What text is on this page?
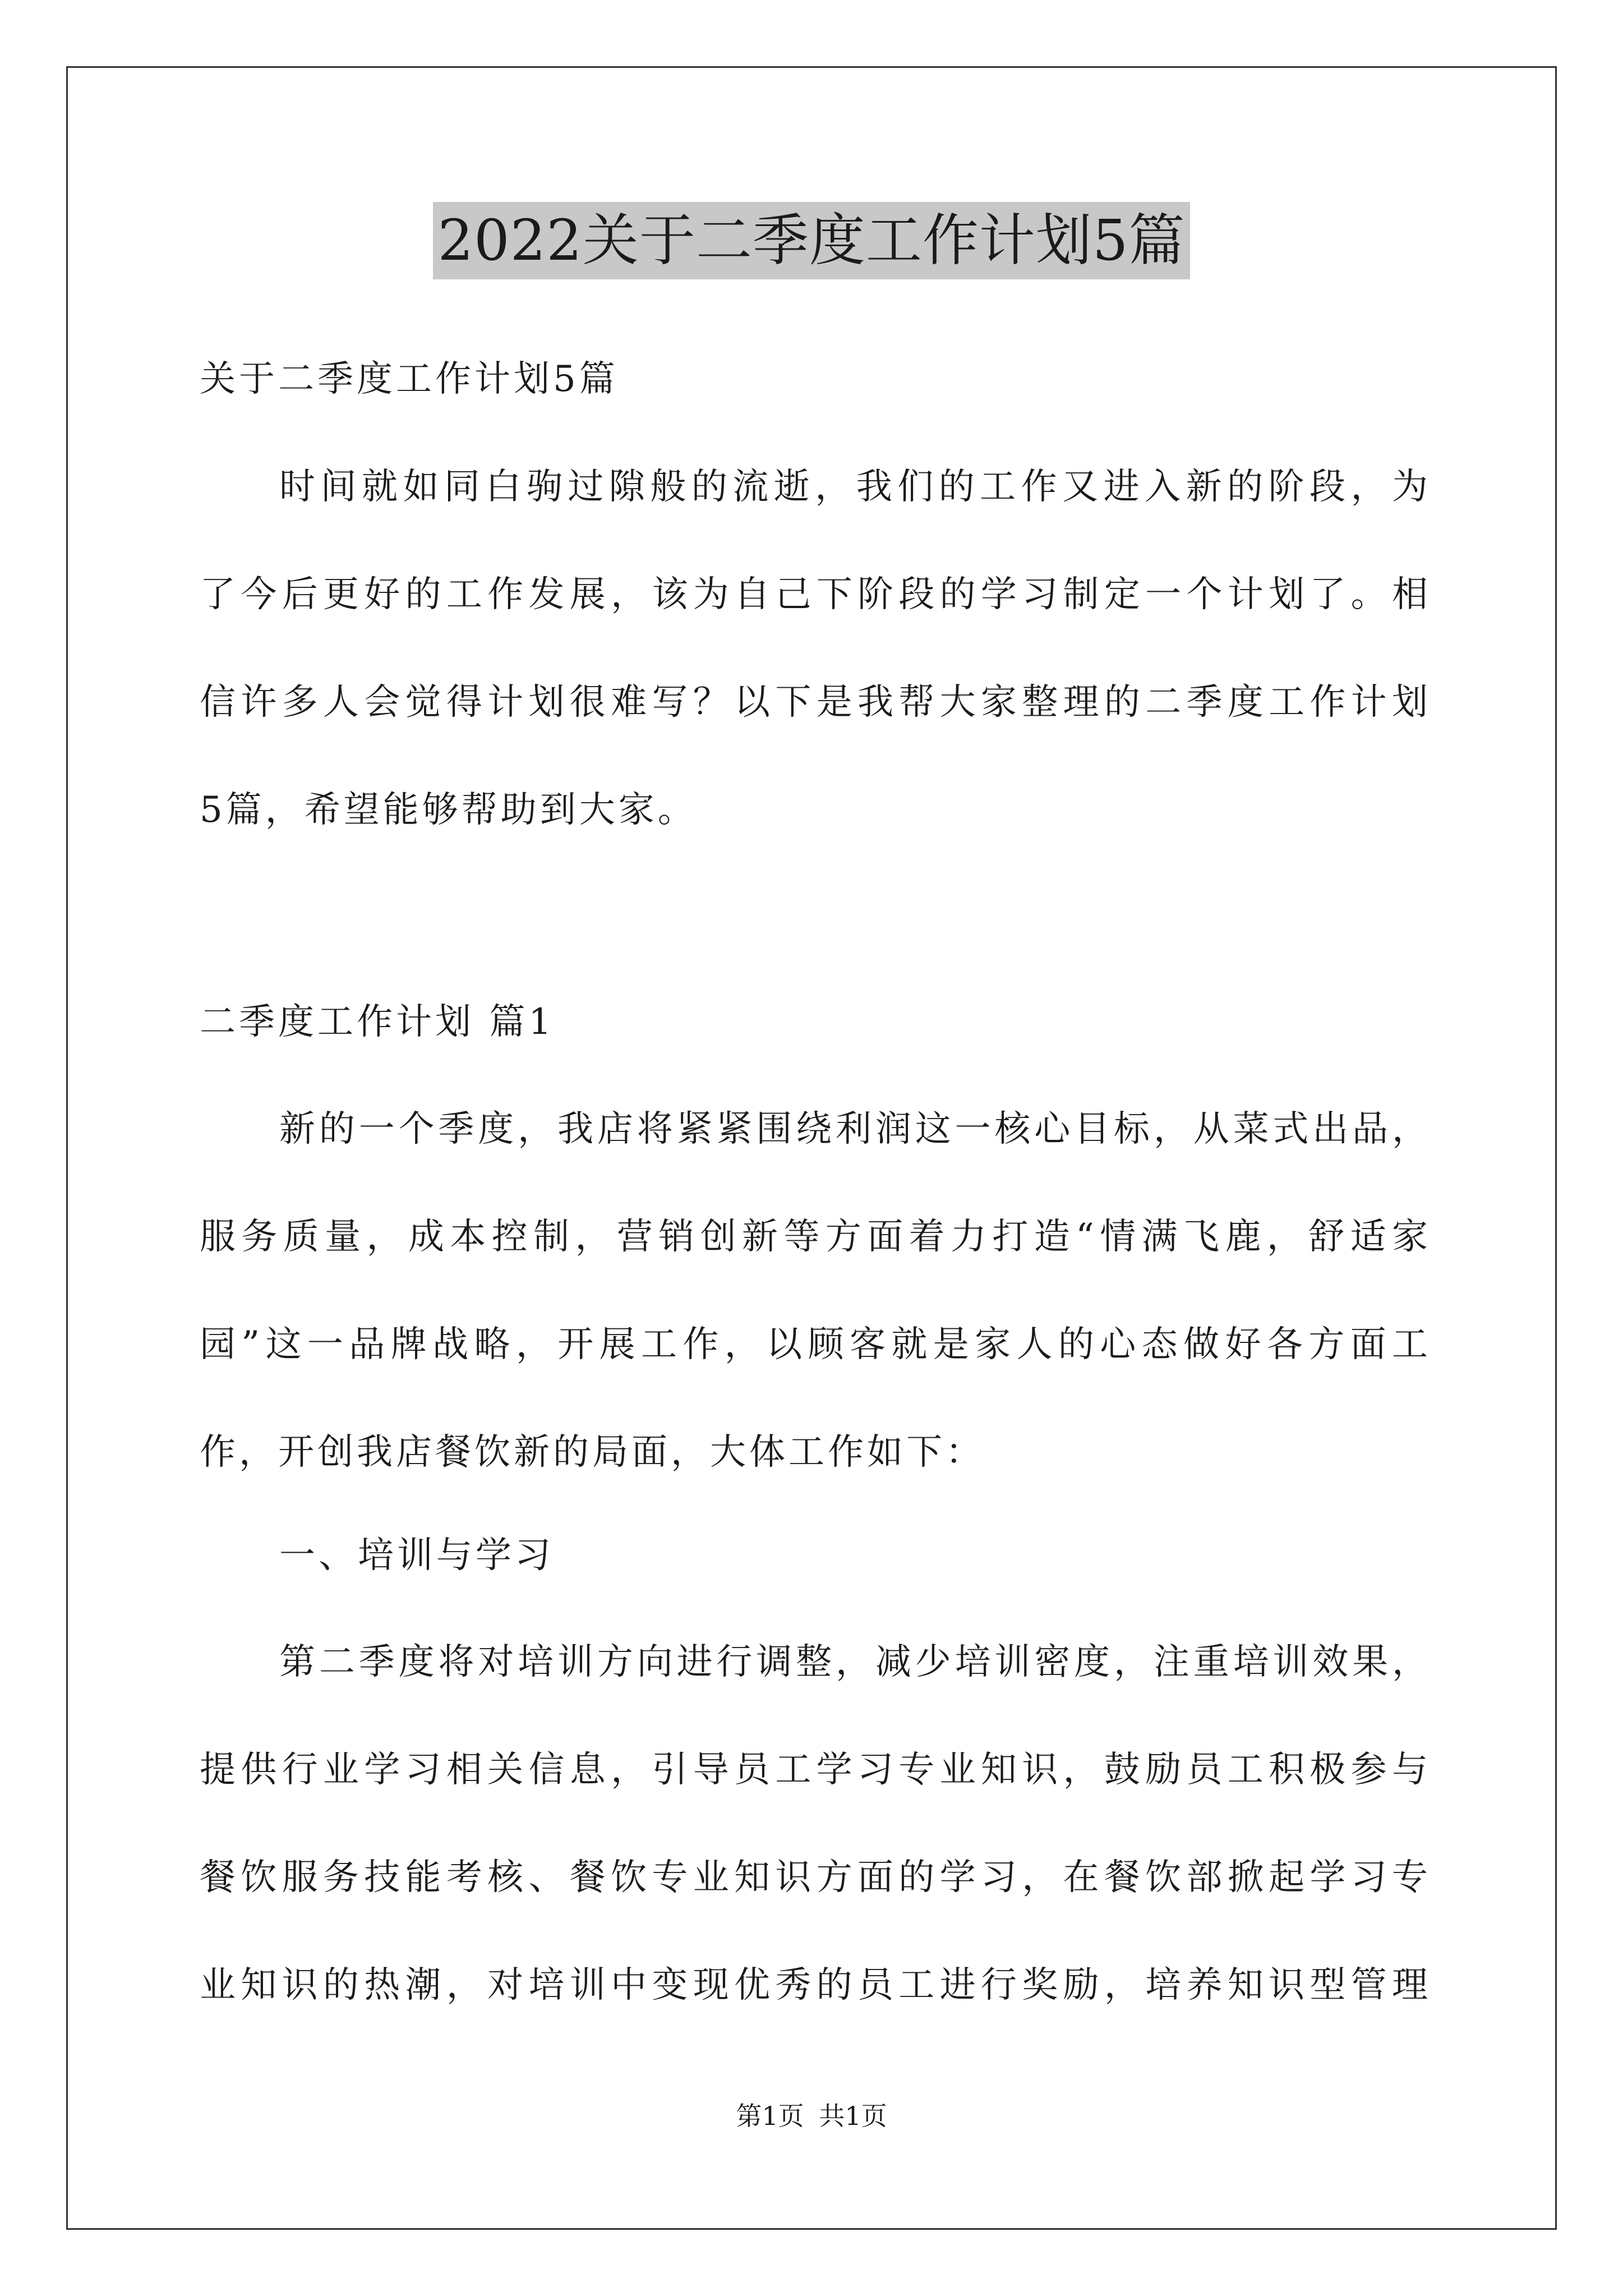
2022关于二季度工作计划5篇
关于二季度工作计划5篇
时间就如同白驹过隙般的流逝，我们的工作又进入新的阶段，为
了今后更好的工作发展，该为自己下阶段的学习制定一个计划了。相
信许多人会觉得计划很难写？以下是我帮大家整理的二季度工作计划
5篇，希望能够帮助到大家。
二季度工作计划 篇1
新的一个季度，我店将紧紧围绕利润这一核心目标，从菜式出品，
服务质量，成本控制，营销创新等方面着力打造“情满飞鹿，舒适家
园”这一品牌战略，开展工作，以顾客就是家人的心态做好各方面工
作，开创我店餐饮新的局面，大体工作如下：
一、培训与学习
第二季度将对培训方向进行调整，减少培训密度，注重培训效果，
提供行业学习相关信息，引导员工学习专业知识，鼓励员工积极参与
餐饮服务技能考核、餐饮专业知识方面的学习，在餐饮部掀起学习专
业知识的热潮，对培训中变现优秀的员工进行奖励，培养知识型管理
第1页 共1页
